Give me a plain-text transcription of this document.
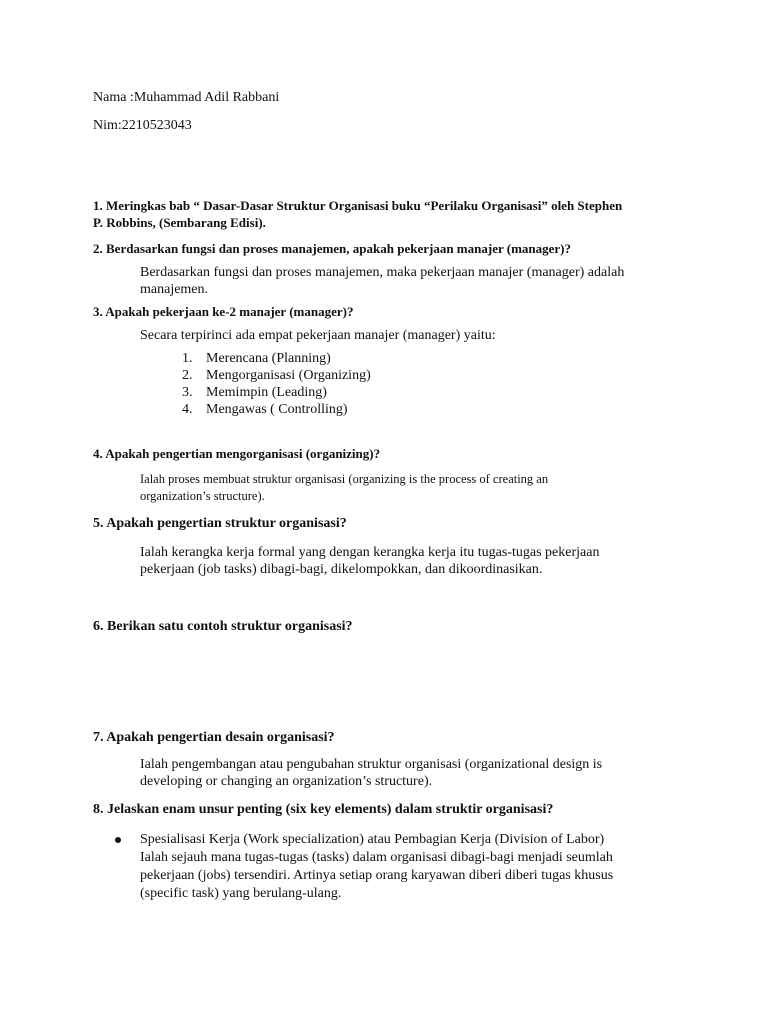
Nama :Muhammad Adil Rabbani

Nim:2210523043

1. Meringkas bab “ Dasar-Dasar Struktur Organisasi buku “Perilaku Organisasi” oleh Stephen
P. Robbins, (Sembarang Edisi).

2. Berdasarkan fungsi dan proses manajemen, apakah pekerjaan manajer (manager)?

Berdasarkan fungsi dan proses manajemen, maka pekerjaan manajer (manager) adalah
manajemen.

3. Apakah pekerjaan ke-2 manajer (manager)?

Secara terpirinci ada empat pekerjaan manajer (manager) yaitu:

1. Merencana (Planning)
2. Mengorganisasi (Organizing)
3. Memimpin (Leading)
4. Mengawas ( Controlling)

4. Apakah pengertian mengorganisasi (organizing)?

Ialah proses membuat struktur organisasi (organizing is the process of creating an
organization’s structure).

5. Apakah pengertian struktur organisasi?

Ialah kerangka kerja formal yang dengan kerangka kerja itu tugas-tugas pekerjaan
pekerjaan (job tasks) dibagi-bagi, dikelompokkan, dan dikoordinasikan.

6. Berikan satu contoh struktur organisasi?

7. Apakah pengertian desain organisasi?

Ialah pengembangan atau pengubahan struktur organisasi (organizational design is
developing or changing an organization’s structure).

8. Jelaskan enam unsur penting (six key elements) dalam struktir organisasi?

Spesialisasi Kerja (Work specialization) atau Pembagian Kerja (Division of Labor)
Ialah sejauh mana tugas-tugas (tasks) dalam organisasi dibagi-bagi menjadi seumlah
pekerjaan (jobs) tersendiri. Artinya setiap orang karyawan diberi diberi tugas khusus
(specific task) yang berulang-ulang.
